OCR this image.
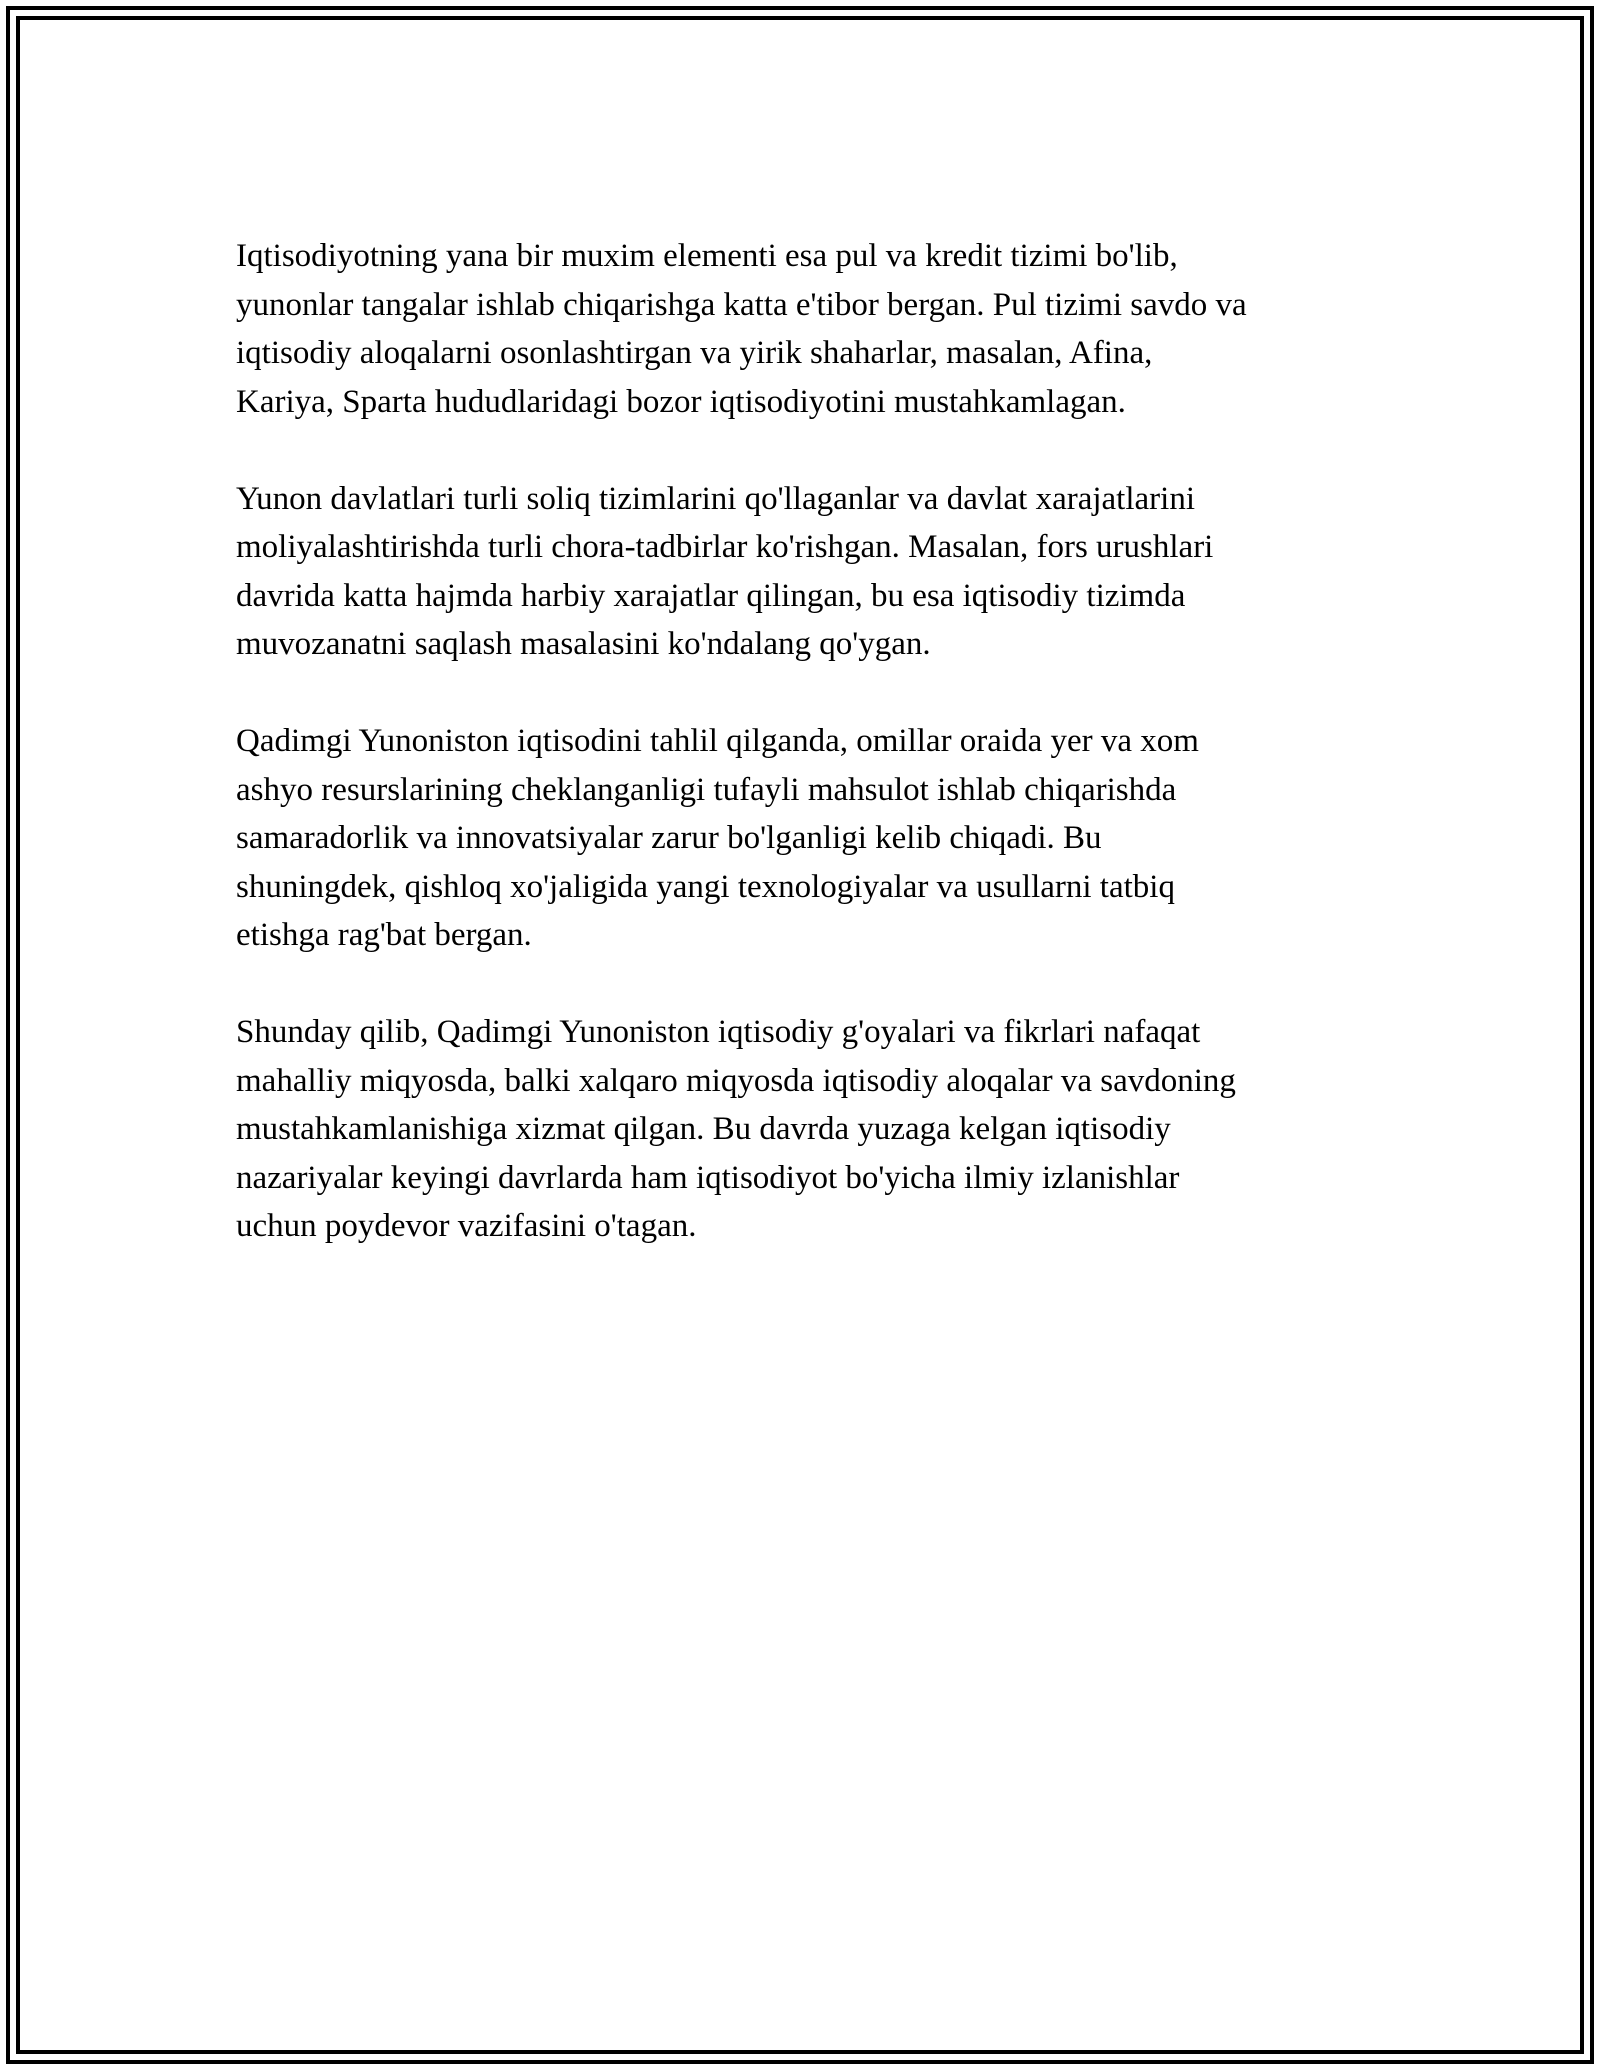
Iqtisodiyotning yana bir muxim elementi esa pul va kredit tizimi bo'lib,
yunonlar tangalar ishlab chiqarishga katta e'tibor bergan. Pul tizimi savdo va
iqtisodiy aloqalarni osonlashtirgan va yirik shaharlar, masalan, Afina,
Kariya, Sparta hududlaridagi bozor iqtisodiyotini mustahkamlagan.

Yunon davlatlari turli soliq tizimlarini qo'llaganlar va davlat xarajatlarini
moliyalashtirishda turli chora-tadbirlar ko'rishgan. Masalan, fors urushlari
davrida katta hajmda harbiy xarajatlar qilingan, bu esa iqtisodiy tizimda
muvozanatni saqlash masalasini ko'ndalang qo'ygan.

Qadimgi Yunoniston iqtisodini tahlil qilganda, omillar oraida yer va xom
ashyo resurslarining cheklanganligi tufayli mahsulot ishlab chiqarishda
samaradorlik va innovatsiyalar zarur bo'lganligi kelib chiqadi. Bu
shuningdek, qishloq xo'jaligida yangi texnologiyalar va usullarni tatbiq
etishga rag'bat bergan.

Shunday qilib, Qadimgi Yunoniston iqtisodiy g'oyalari va fikrlari nafaqat
mahalliy miqyosda, balki xalqaro miqyosda iqtisodiy aloqalar va savdoning
mustahkamlanishiga xizmat qilgan. Bu davrda yuzaga kelgan iqtisodiy
nazariyalar keyingi davrlarda ham iqtisodiyot bo'yicha ilmiy izlanishlar
uchun poydevor vazifasini o'tagan.
